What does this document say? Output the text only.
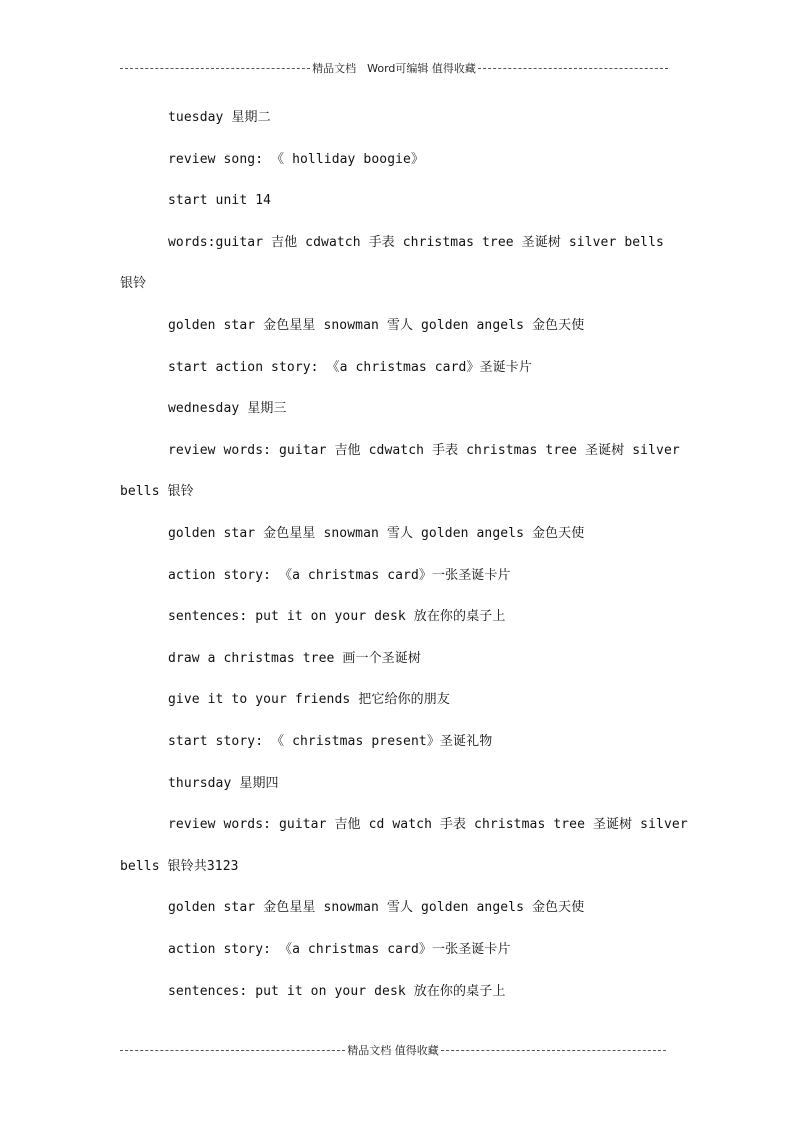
精品文档　Word可编辑 值得收藏
tuesday 星期二
review song: 《 holliday boogie》
start unit 14
words:guitar 吉他 cdwatch 手表 christmas tree 圣诞树 silver bells
银铃
golden star 金色星星 snowman 雪人 golden angels 金色天使
start action story: 《a christmas card》圣诞卡片
wednesday 星期三
review words: guitar 吉他 cdwatch 手表 christmas tree 圣诞树 silver
bells 银铃
golden star 金色星星 snowman 雪人 golden angels 金色天使
action story: 《a christmas card》一张圣诞卡片
sentences: put it on your desk 放在你的桌子上
draw a christmas tree 画一个圣诞树
give it to your friends 把它给你的朋友
start story: 《 christmas present》圣诞礼物
thursday 星期四
review words: guitar 吉他 cd watch 手表 christmas tree 圣诞树 silver
bells 银铃共3123
golden star 金色星星 snowman 雪人 golden angels 金色天使
action story: 《a christmas card》一张圣诞卡片
sentences: put it on your desk 放在你的桌子上
精品文档 值得收藏
